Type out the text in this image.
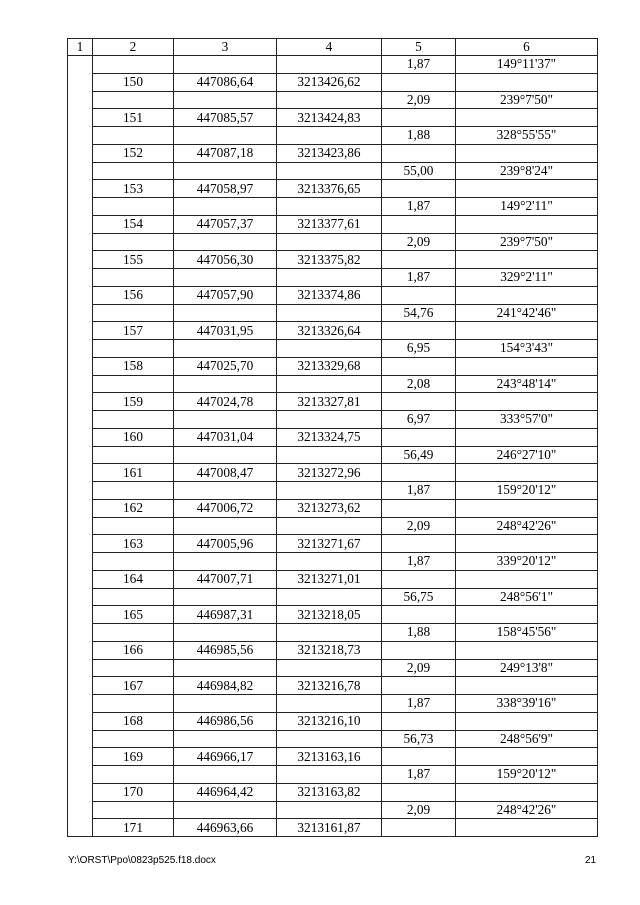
1	2	3	4	5	6
				1,87	149°11'37"
	150	447086,64	3213426,62		
				2,09	239°7'50"
	151	447085,57	3213424,83		
				1,88	328°55'55"
	152	447087,18	3213423,86		
				55,00	239°8'24"
	153	447058,97	3213376,65		
				1,87	149°2'11"
	154	447057,37	3213377,61		
				2,09	239°7'50"
	155	447056,30	3213375,82		
				1,87	329°2'11"
	156	447057,90	3213374,86		
				54,76	241°42'46"
	157	447031,95	3213326,64		
				6,95	154°3'43"
	158	447025,70	3213329,68		
				2,08	243°48'14"
	159	447024,78	3213327,81		
				6,97	333°57'0"
	160	447031,04	3213324,75		
				56,49	246°27'10"
	161	447008,47	3213272,96		
				1,87	159°20'12"
	162	447006,72	3213273,62		
				2,09	248°42'26"
	163	447005,96	3213271,67		
				1,87	339°20'12"
	164	447007,71	3213271,01		
				56,75	248°56'1"
	165	446987,31	3213218,05		
				1,88	158°45'56"
	166	446985,56	3213218,73		
				2,09	249°13'8"
	167	446984,82	3213216,78		
				1,87	338°39'16"
	168	446986,56	3213216,10		
				56,73	248°56'9"
	169	446966,17	3213163,16		
				1,87	159°20'12"
	170	446964,42	3213163,82		
				2,09	248°42'26"
	171	446963,66	3213161,87		
Y:\ORST\Ppo\0823p525.f18.docx	21
